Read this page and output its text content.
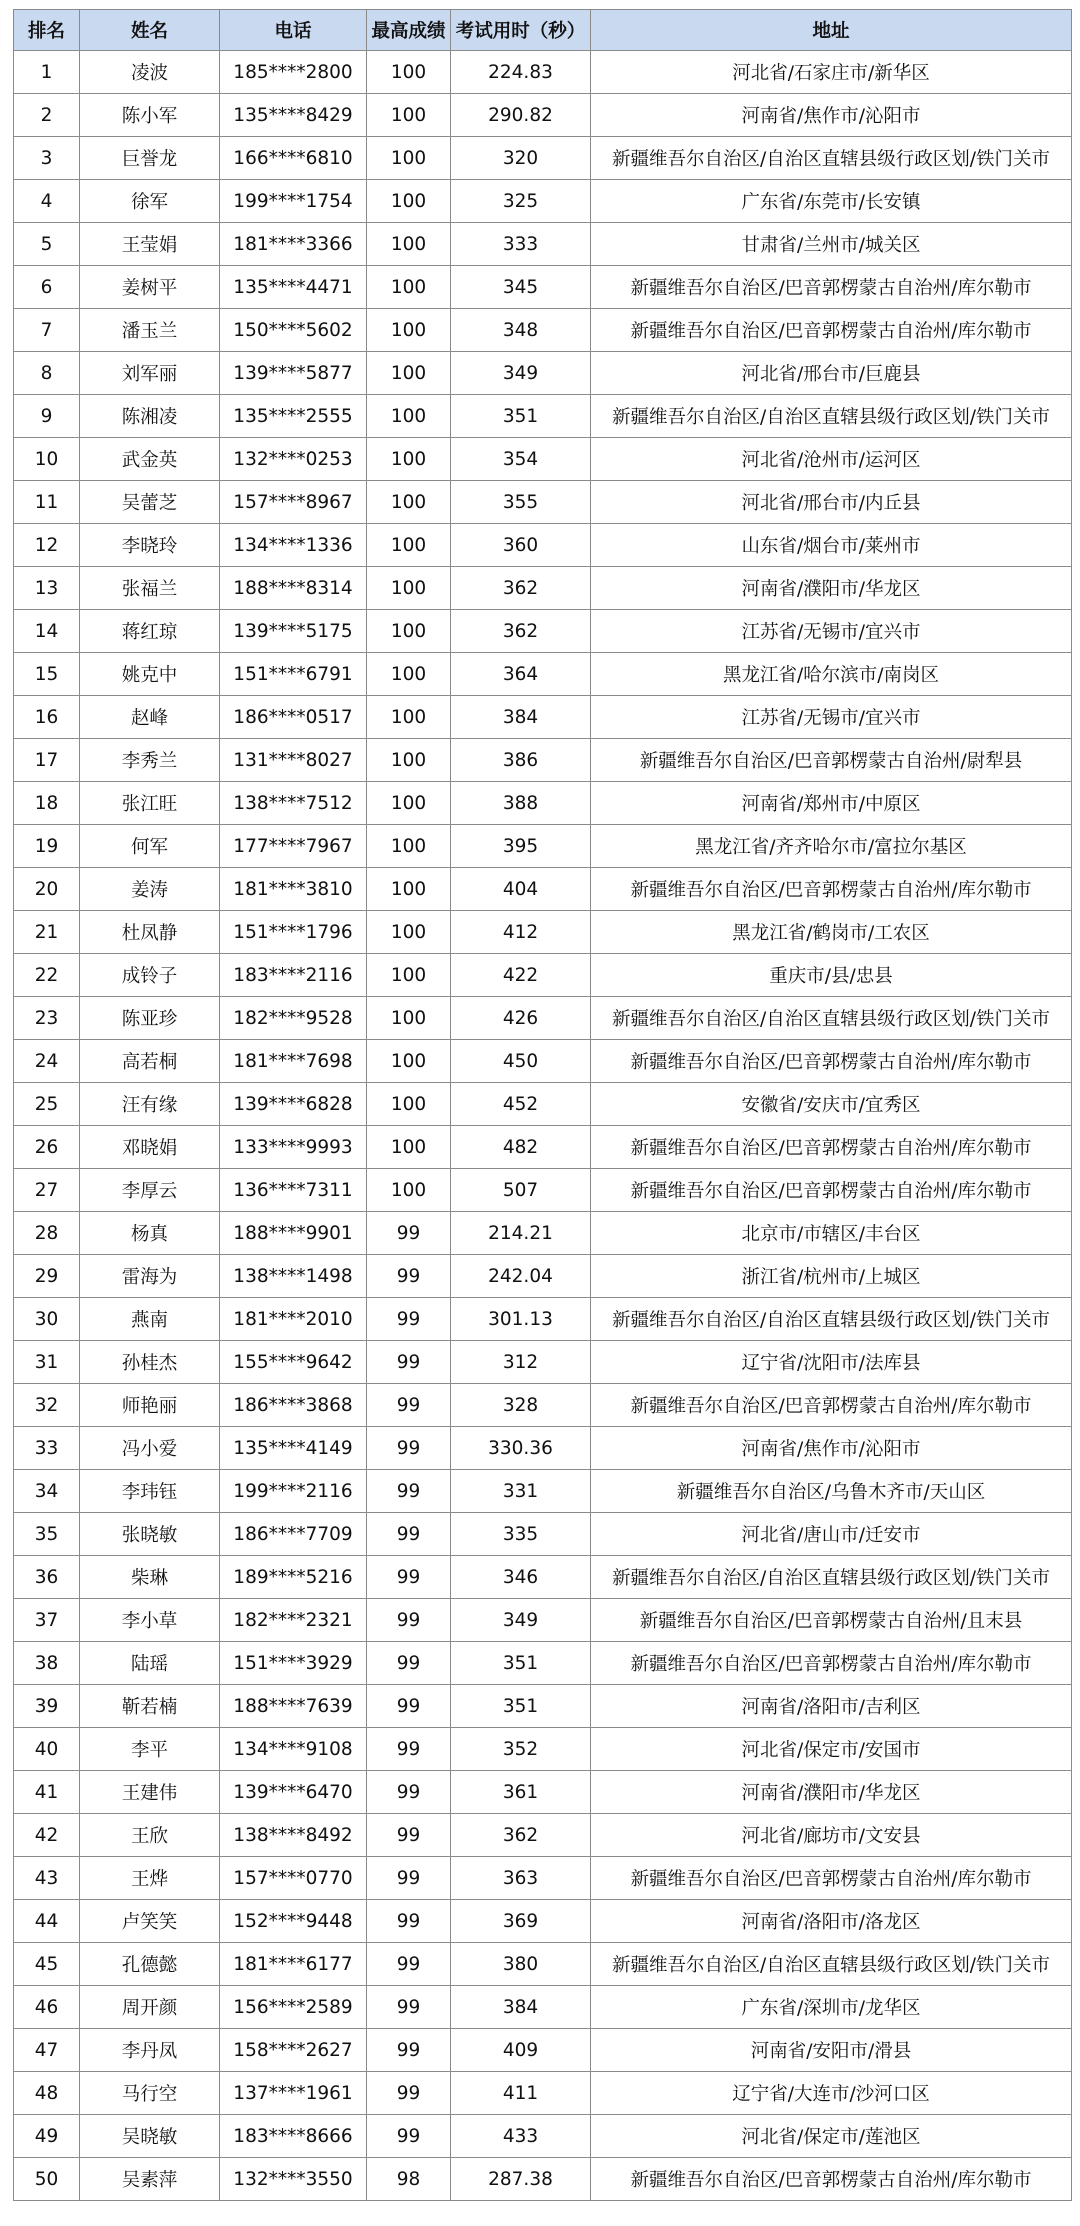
排名	姓名	电话	最高成绩	考试用时（秒）	地址
1	凌波	185****2800	100	224.83	河北省/石家庄市/新华区
2	陈小军	135****8429	100	290.82	河南省/焦作市/沁阳市
3	巨誉龙	166****6810	100	320	新疆维吾尔自治区/自治区直辖县级行政区划/铁门关市
4	徐军	199****1754	100	325	广东省/东莞市/长安镇
5	王莹娟	181****3366	100	333	甘肃省/兰州市/城关区
6	姜树平	135****4471	100	345	新疆维吾尔自治区/巴音郭楞蒙古自治州/库尔勒市
7	潘玉兰	150****5602	100	348	新疆维吾尔自治区/巴音郭楞蒙古自治州/库尔勒市
8	刘军丽	139****5877	100	349	河北省/邢台市/巨鹿县
9	陈湘凌	135****2555	100	351	新疆维吾尔自治区/自治区直辖县级行政区划/铁门关市
10	武金英	132****0253	100	354	河北省/沧州市/运河区
11	吴蕾芝	157****8967	100	355	河北省/邢台市/内丘县
12	李晓玲	134****1336	100	360	山东省/烟台市/莱州市
13	张福兰	188****8314	100	362	河南省/濮阳市/华龙区
14	蒋红琼	139****5175	100	362	江苏省/无锡市/宜兴市
15	姚克中	151****6791	100	364	黑龙江省/哈尔滨市/南岗区
16	赵峰	186****0517	100	384	江苏省/无锡市/宜兴市
17	李秀兰	131****8027	100	386	新疆维吾尔自治区/巴音郭楞蒙古自治州/尉犁县
18	张江旺	138****7512	100	388	河南省/郑州市/中原区
19	何军	177****7967	100	395	黑龙江省/齐齐哈尔市/富拉尔基区
20	姜涛	181****3810	100	404	新疆维吾尔自治区/巴音郭楞蒙古自治州/库尔勒市
21	杜凤静	151****1796	100	412	黑龙江省/鹤岗市/工农区
22	成铃子	183****2116	100	422	重庆市/县/忠县
23	陈亚珍	182****9528	100	426	新疆维吾尔自治区/自治区直辖县级行政区划/铁门关市
24	高若桐	181****7698	100	450	新疆维吾尔自治区/巴音郭楞蒙古自治州/库尔勒市
25	汪有缘	139****6828	100	452	安徽省/安庆市/宜秀区
26	邓晓娟	133****9993	100	482	新疆维吾尔自治区/巴音郭楞蒙古自治州/库尔勒市
27	李厚云	136****7311	100	507	新疆维吾尔自治区/巴音郭楞蒙古自治州/库尔勒市
28	杨真	188****9901	99	214.21	北京市/市辖区/丰台区
29	雷海为	138****1498	99	242.04	浙江省/杭州市/上城区
30	燕南	181****2010	99	301.13	新疆维吾尔自治区/自治区直辖县级行政区划/铁门关市
31	孙桂杰	155****9642	99	312	辽宁省/沈阳市/法库县
32	师艳丽	186****3868	99	328	新疆维吾尔自治区/巴音郭楞蒙古自治州/库尔勒市
33	冯小爱	135****4149	99	330.36	河南省/焦作市/沁阳市
34	李玮钰	199****2116	99	331	新疆维吾尔自治区/乌鲁木齐市/天山区
35	张晓敏	186****7709	99	335	河北省/唐山市/迁安市
36	柴琳	189****5216	99	346	新疆维吾尔自治区/自治区直辖县级行政区划/铁门关市
37	李小草	182****2321	99	349	新疆维吾尔自治区/巴音郭楞蒙古自治州/且末县
38	陆瑶	151****3929	99	351	新疆维吾尔自治区/巴音郭楞蒙古自治州/库尔勒市
39	靳若楠	188****7639	99	351	河南省/洛阳市/吉利区
40	李平	134****9108	99	352	河北省/保定市/安国市
41	王建伟	139****6470	99	361	河南省/濮阳市/华龙区
42	王欣	138****8492	99	362	河北省/廊坊市/文安县
43	王烨	157****0770	99	363	新疆维吾尔自治区/巴音郭楞蒙古自治州/库尔勒市
44	卢笑笑	152****9448	99	369	河南省/洛阳市/洛龙区
45	孔德懿	181****6177	99	380	新疆维吾尔自治区/自治区直辖县级行政区划/铁门关市
46	周开颜	156****2589	99	384	广东省/深圳市/龙华区
47	李丹凤	158****2627	99	409	河南省/安阳市/滑县
48	马行空	137****1961	99	411	辽宁省/大连市/沙河口区
49	吴晓敏	183****8666	99	433	河北省/保定市/莲池区
50	吴素萍	132****3550	98	287.38	新疆维吾尔自治区/巴音郭楞蒙古自治州/库尔勒市
